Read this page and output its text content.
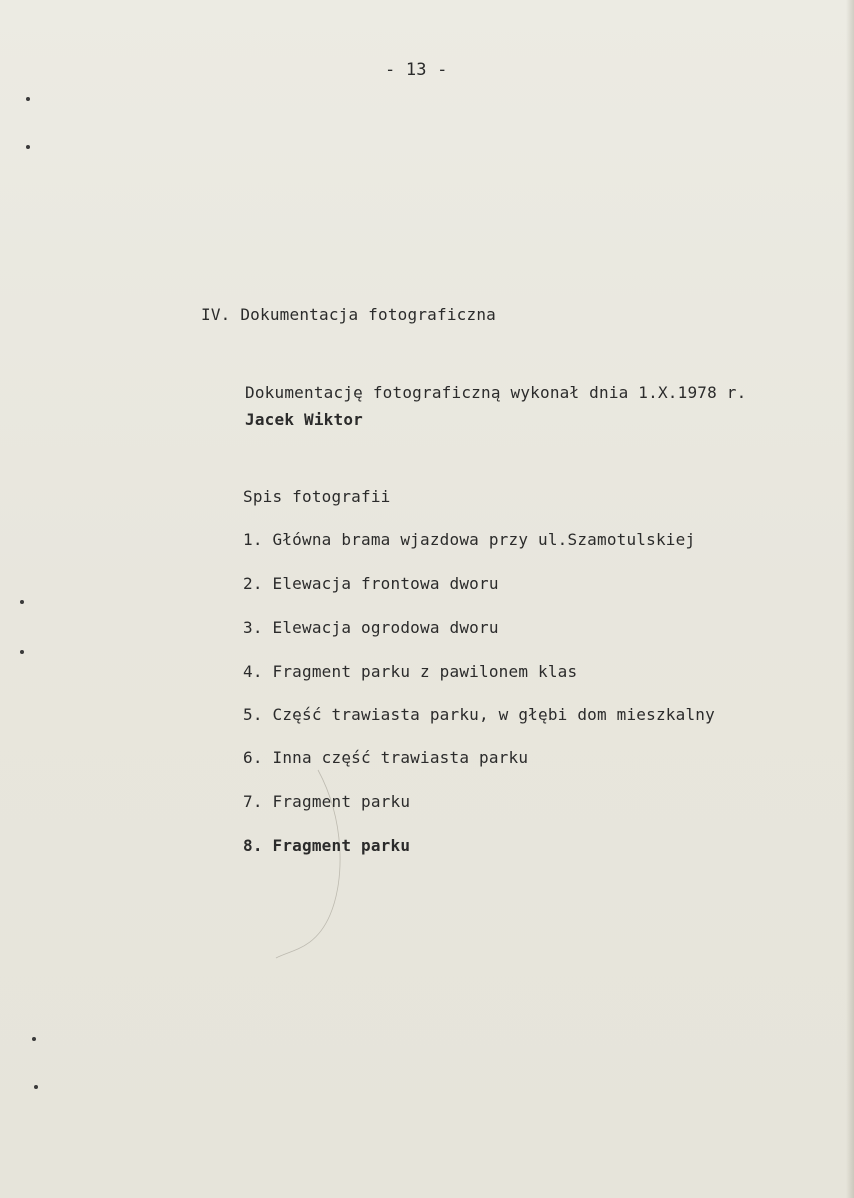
- 13 -
IV. Dokumentacja fotograficzna
Dokumentację fotograficzną wykonał dnia 1.X.1978 r.
Jacek Wiktor
Spis fotografii
1. Główna brama wjazdowa przy ul.Szamotulskiej
2. Elewacja frontowa dworu
3. Elewacja ogrodowa dworu
4. Fragment parku z pawilonem klas
5. Część trawiasta parku, w głębi dom mieszkalny
6. Inna część trawiasta parku
7. Fragment parku
8. Fragment parku
